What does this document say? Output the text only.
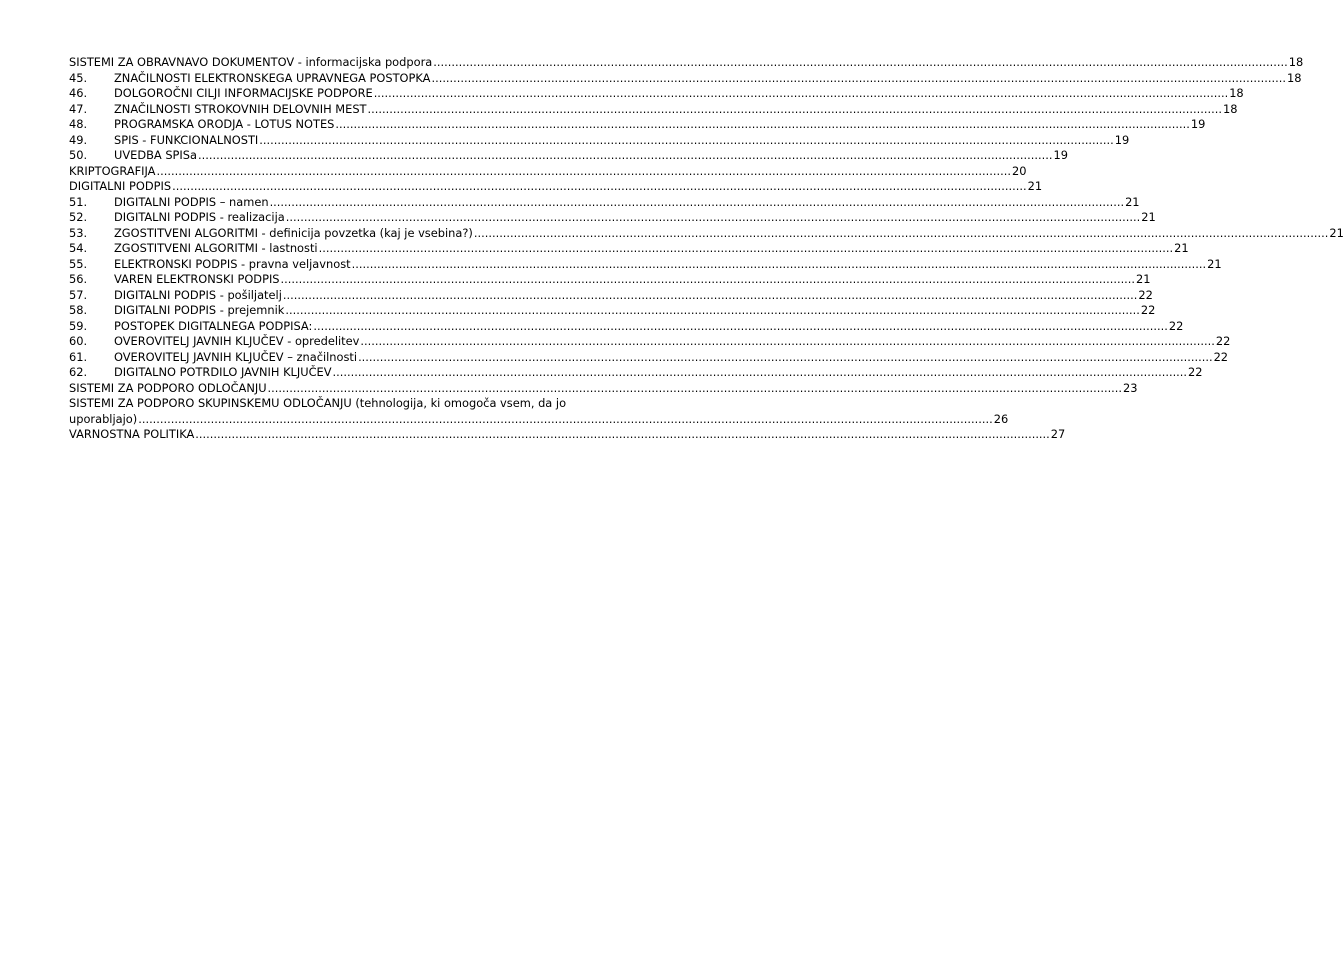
SISTEMI ZA OBRAVNAVO DOKUMENTOV - informacijska podpora .....	18
45.	ZNAČILNOSTI ELEKTRONSKEGA UPRAVNEGA POSTOPKA .....	18
46.	DOLGOROČNI CILJI INFORMACIJSKE PODPORE .....	18
47.	ZNAČILNOSTI STROKOVNIH DELOVNIH MEST .....	18
48.	PROGRAMSKA ORODJA - LOTUS NOTES .....	19
49.	SPIS - FUNKCIONALNOSTI .....	19
50.	UVEDBA SPISa .....	19
KRIPTOGRAFIJA .....	20
DIGITALNI PODPIS .....	21
51.	DIGITALNI PODPIS – namen .....	21
52.	DIGITALNI PODPIS - realizacija .....	21
53.	ZGOSTITVENI ALGORITMI - definicija povzetka (kaj je vsebina?) .....	21
54.	ZGOSTITVENI ALGORITMI - lastnosti .....	21
55.	ELEKTRONSKI PODPIS - pravna veljavnost .....	21
56.	VAREN ELEKTRONSKI PODPIS .....	21
57.	DIGITALNI PODPIS - pošiljatelj .....	22
58.	DIGITALNI PODPIS - prejemnik .....	22
59.	POSTOPEK DIGITALNEGA PODPISA: .....	22
60.	OVEROVITELJ JAVNIH KLJUČEV - opredelitev .....	22
61.	OVEROVITELJ JAVNIH KLJUČEV – značilnosti .....	22
62.	DIGITALNO POTRDILO JAVNIH KLJUČEV .....	22
SISTEMI ZA PODPORO ODLOČANJU .....	23
SISTEMI ZA PODPORO SKUPINSKEMU ODLOČANJU (tehnologija, ki omogoča vsem, da jo
uporabljajo) .....	26
VARNOSTNA POLITIKA .....	27
